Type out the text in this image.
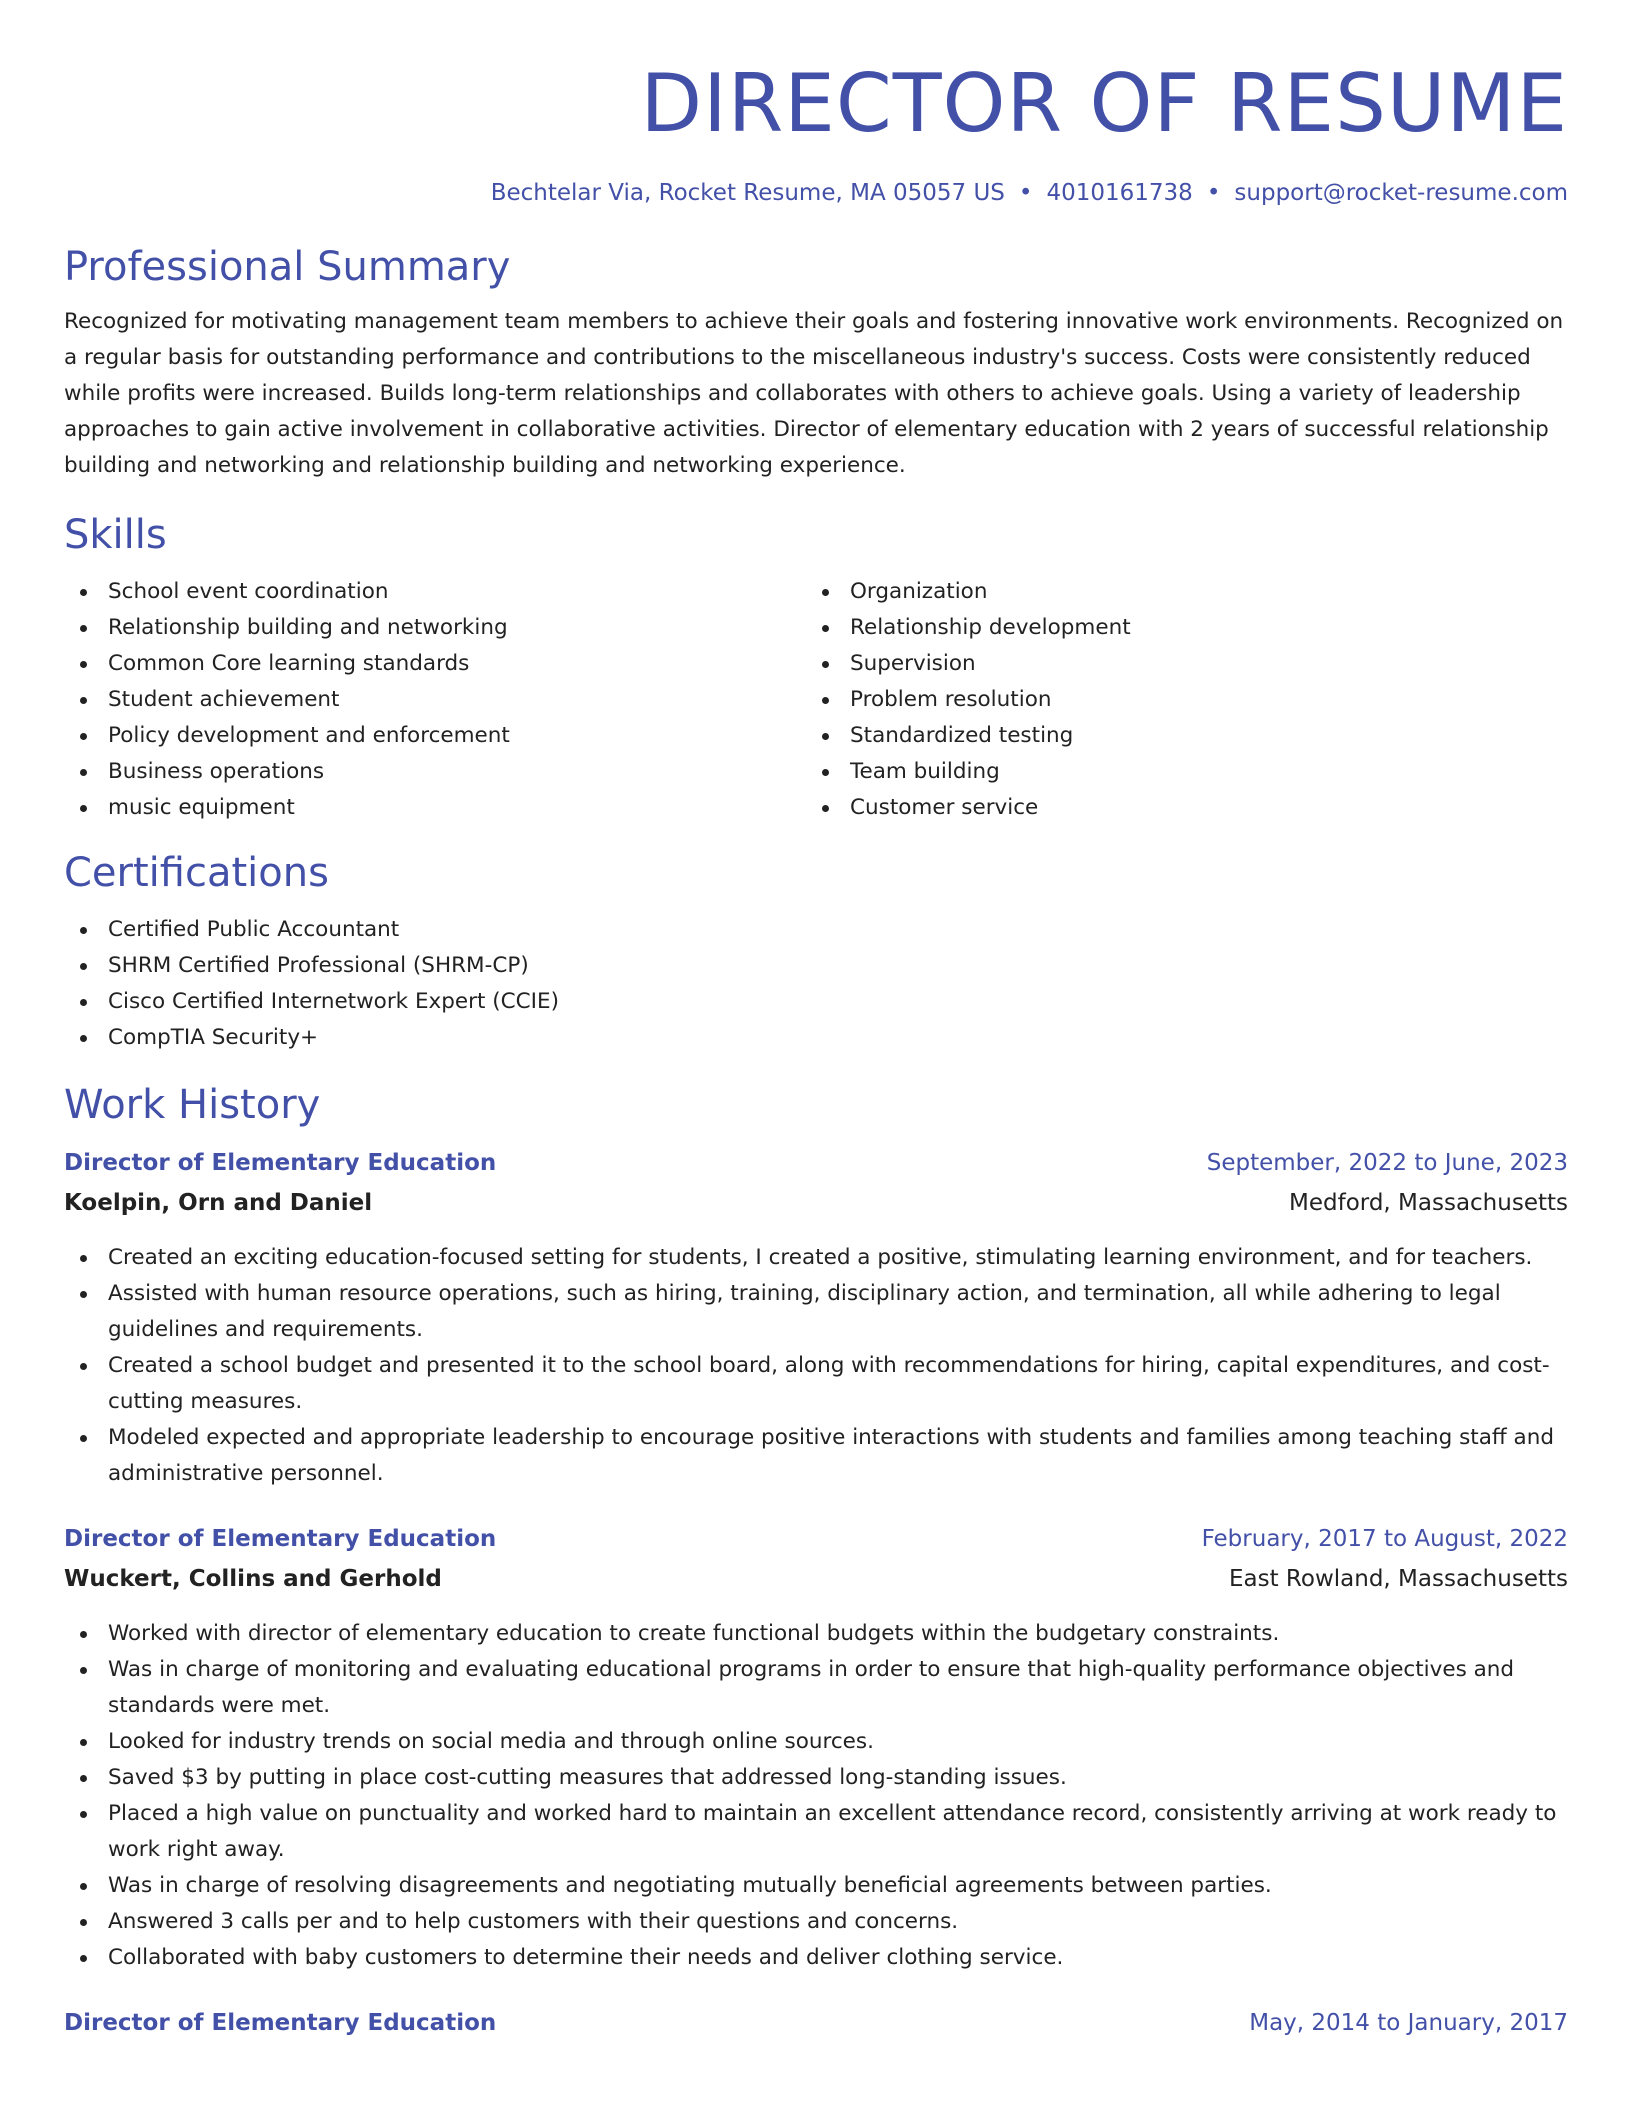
DIRECTOR OF RESUME
Bechtelar Via, Rocket Resume, MA 05057 US • 4010161738 • support@rocket-resume.com
Professional Summary
Recognized for motivating management team members to achieve their goals and fostering innovative work environments. Recognized on a regular basis for outstanding performance and contributions to the miscellaneous industry's success. Costs were consistently reduced while profits were increased. Builds long-term relationships and collaborates with others to achieve goals. Using a variety of leadership approaches to gain active involvement in collaborative activities. Director of elementary education with 2 years of successful relationship building and networking and relationship building and networking experience.
Skills
School event coordination
Relationship building and networking
Common Core learning standards
Student achievement
Policy development and enforcement
Business operations
music equipment
Organization
Relationship development
Supervision
Problem resolution
Standardized testing
Team building
Customer service
Certifications
Certified Public Accountant
SHRM Certified Professional (SHRM-CP)
Cisco Certified Internetwork Expert (CCIE)
CompTIA Security+
Work History
Director of Elementary Education	September, 2022 to June, 2023
Koelpin, Orn and Daniel	Medford, Massachusetts
Created an exciting education-focused setting for students, I created a positive, stimulating learning environment, and for teachers.
Assisted with human resource operations, such as hiring, training, disciplinary action, and termination, all while adhering to legal guidelines and requirements.
Created a school budget and presented it to the school board, along with recommendations for hiring, capital expenditures, and cost-cutting measures.
Modeled expected and appropriate leadership to encourage positive interactions with students and families among teaching staff and administrative personnel.
Director of Elementary Education	February, 2017 to August, 2022
Wuckert, Collins and Gerhold	East Rowland, Massachusetts
Worked with director of elementary education to create functional budgets within the budgetary constraints.
Was in charge of monitoring and evaluating educational programs in order to ensure that high-quality performance objectives and standards were met.
Looked for industry trends on social media and through online sources.
Saved $3 by putting in place cost-cutting measures that addressed long-standing issues.
Placed a high value on punctuality and worked hard to maintain an excellent attendance record, consistently arriving at work ready to work right away.
Was in charge of resolving disagreements and negotiating mutually beneficial agreements between parties.
Answered 3 calls per and to help customers with their questions and concerns.
Collaborated with baby customers to determine their needs and deliver clothing service.
Director of Elementary Education	May, 2014 to January, 2017
